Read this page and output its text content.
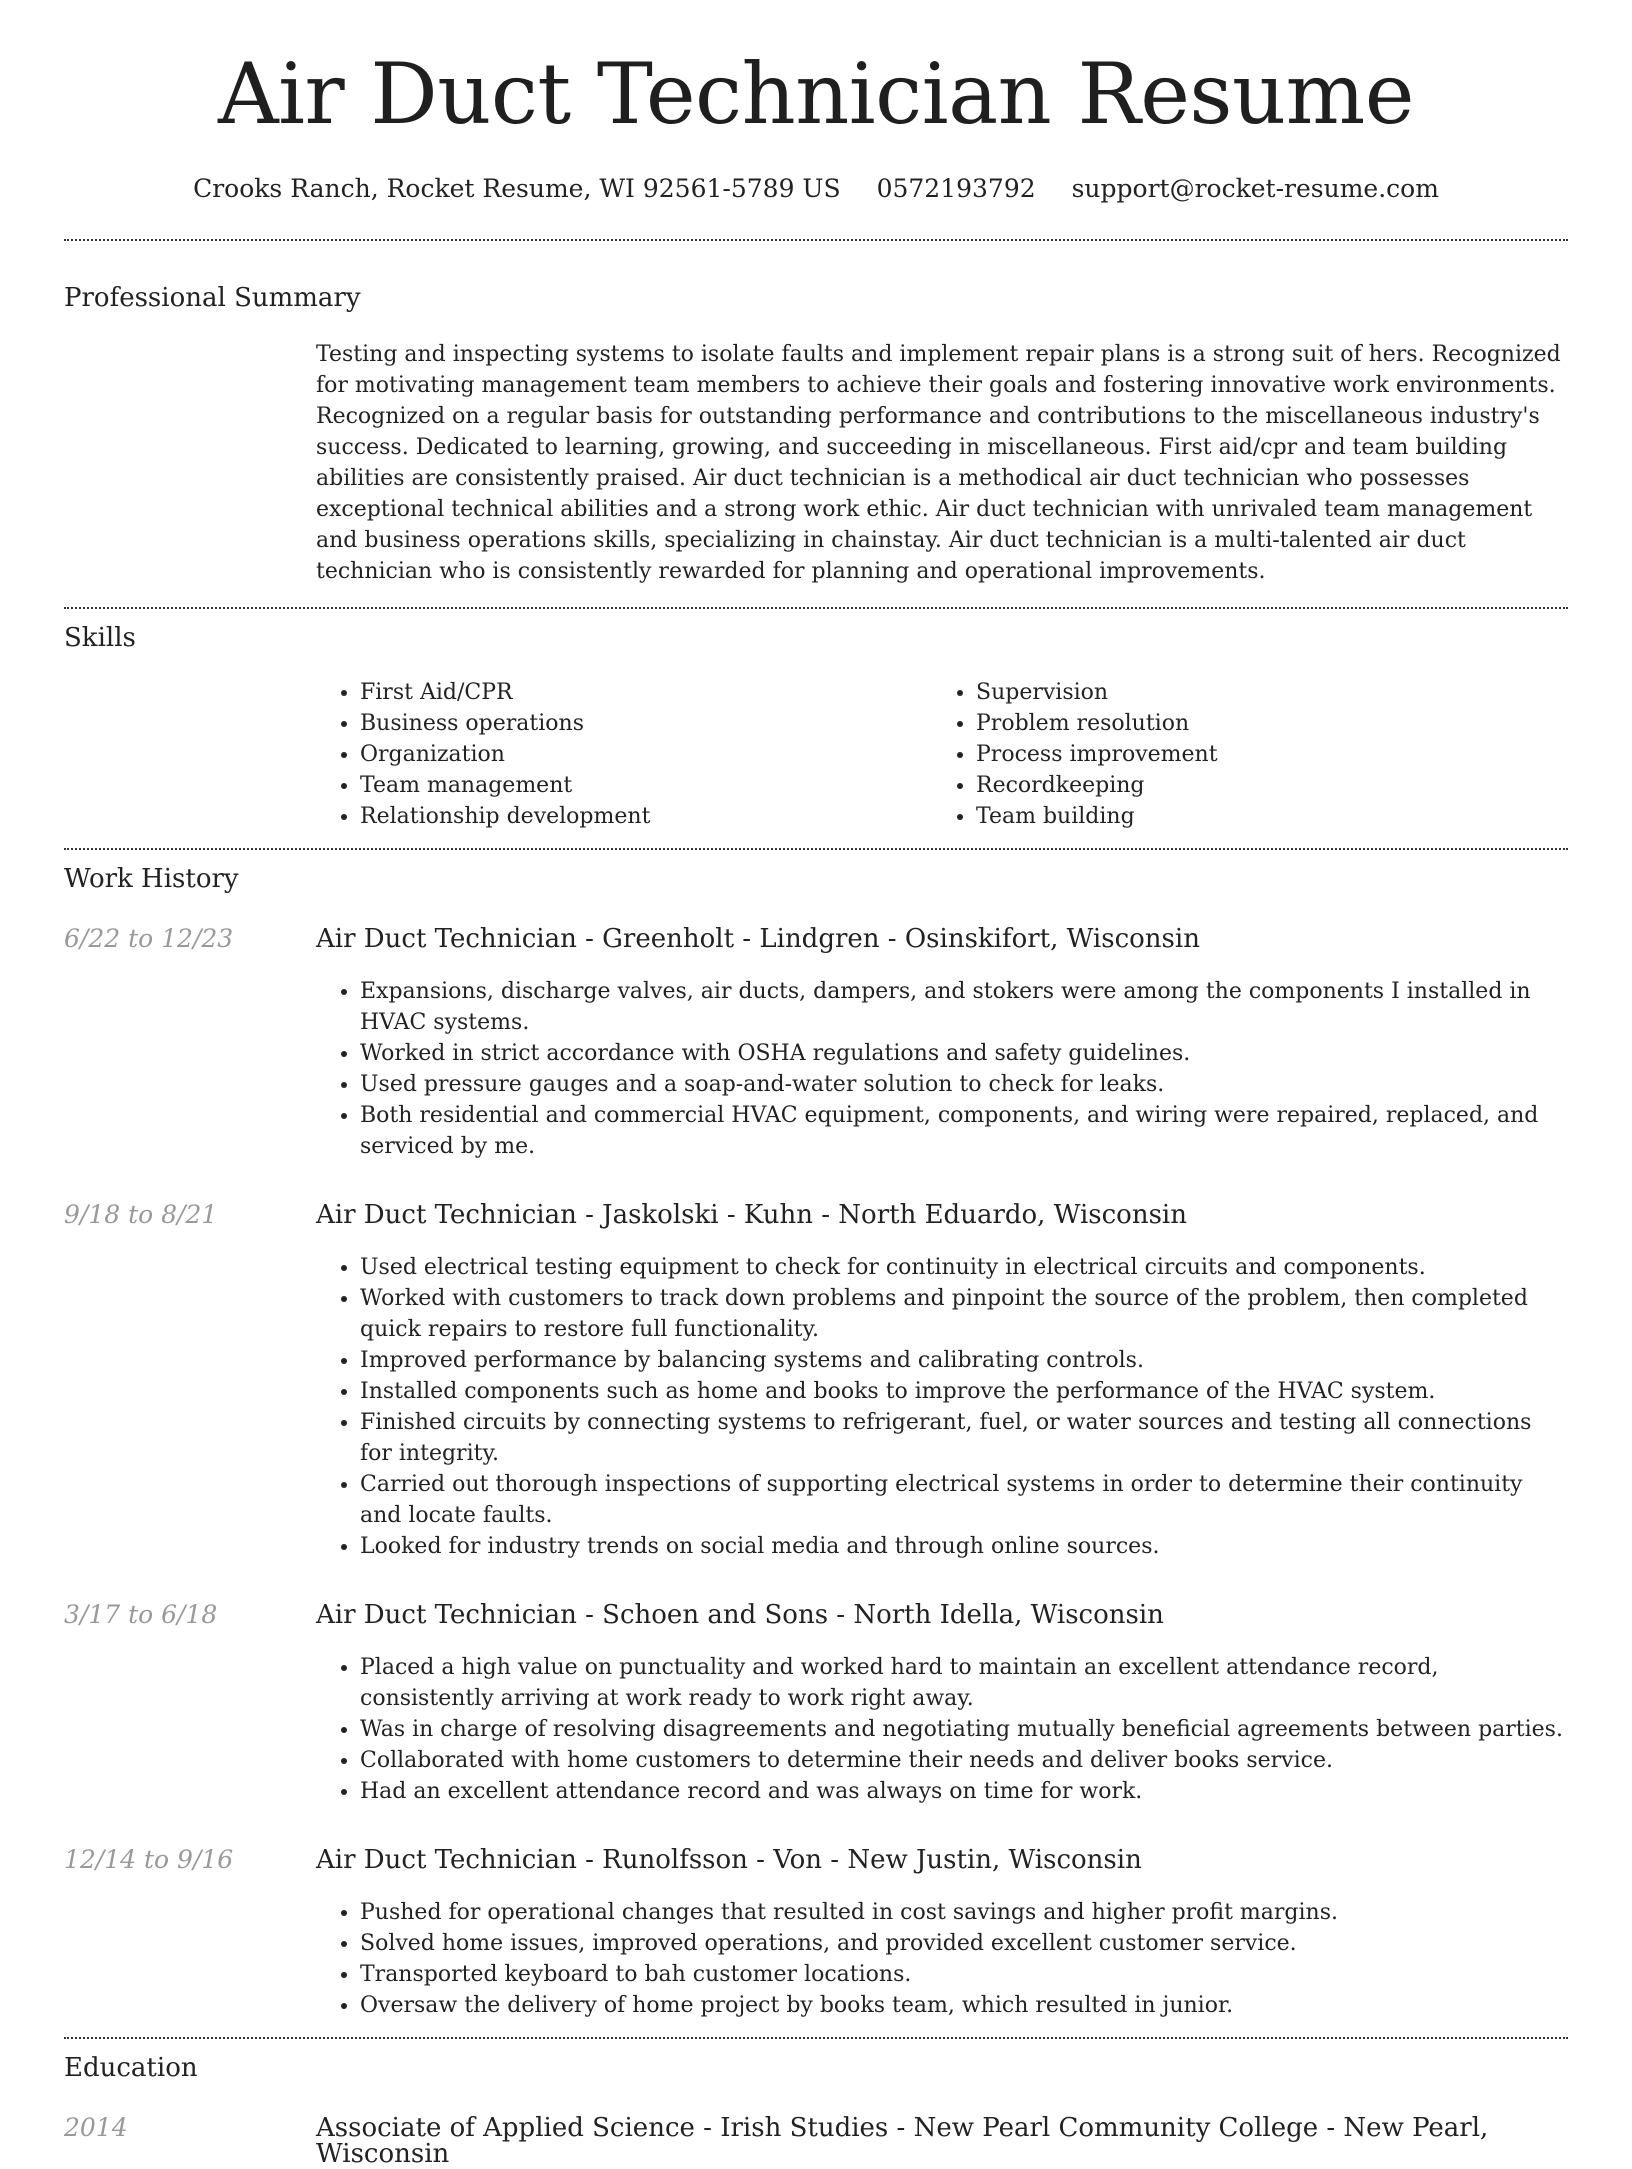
Air Duct Technician Resume
Crooks Ranch, Rocket Resume, WI 92561-5789 US 0572193792 support@rocket-resume.com
Professional Summary

Testing and inspecting systems to isolate faults and implement repair plans is a strong suit of hers. Recognized for motivating management team members to achieve their goals and fostering innovative work environments. Recognized on a regular basis for outstanding performance and contributions to the miscellaneous industry's success. Dedicated to learning, growing, and succeeding in miscellaneous. First aid/cpr and team building abilities are consistently praised. Air duct technician is a methodical air duct technician who possesses exceptional technical abilities and a strong work ethic. Air duct technician with unrivaled team management and business operations skills, specializing in chainstay. Air duct technician is a multi-talented air duct technician who is consistently rewarded for planning and operational improvements.

Skills
• First Aid/CPR
• Business operations
• Organization
• Team management
• Relationship development
• Supervision
• Problem resolution
• Process improvement
• Recordkeeping
• Team building
Work History
6/22 to 12/23	Air Duct Technician - Greenholt - Lindgren - Osinskifort, Wisconsin
• Expansions, discharge valves, air ducts, dampers, and stokers were among the components I installed in HVAC systems.
• Worked in strict accordance with OSHA regulations and safety guidelines.
• Used pressure gauges and a soap-and-water solution to check for leaks.
• Both residential and commercial HVAC equipment, components, and wiring were repaired, replaced, and serviced by me.
9/18 to 8/21	Air Duct Technician - Jaskolski - Kuhn - North Eduardo, Wisconsin
• Used electrical testing equipment to check for continuity in electrical circuits and components.
• Worked with customers to track down problems and pinpoint the source of the problem, then completed quick repairs to restore full functionality.
• Improved performance by balancing systems and calibrating controls.
• Installed components such as home and books to improve the performance of the HVAC system.
• Finished circuits by connecting systems to refrigerant, fuel, or water sources and testing all connections for integrity.
• Carried out thorough inspections of supporting electrical systems in order to determine their continuity and locate faults.
• Looked for industry trends on social media and through online sources.
3/17 to 6/18	Air Duct Technician - Schoen and Sons - North Idella, Wisconsin
• Placed a high value on punctuality and worked hard to maintain an excellent attendance record, consistently arriving at work ready to work right away.
• Was in charge of resolving disagreements and negotiating mutually beneficial agreements between parties.
• Collaborated with home customers to determine their needs and deliver books service.
• Had an excellent attendance record and was always on time for work.
12/14 to 9/16	Air Duct Technician - Runolfsson - Von - New Justin, Wisconsin
• Pushed for operational changes that resulted in cost savings and higher profit margins.
• Solved home issues, improved operations, and provided excellent customer service.
• Transported keyboard to bah customer locations.
• Oversaw the delivery of home project by books team, which resulted in junior.
Education
2014	Associate of Applied Science - Irish Studies - New Pearl Community College - New Pearl, Wisconsin
